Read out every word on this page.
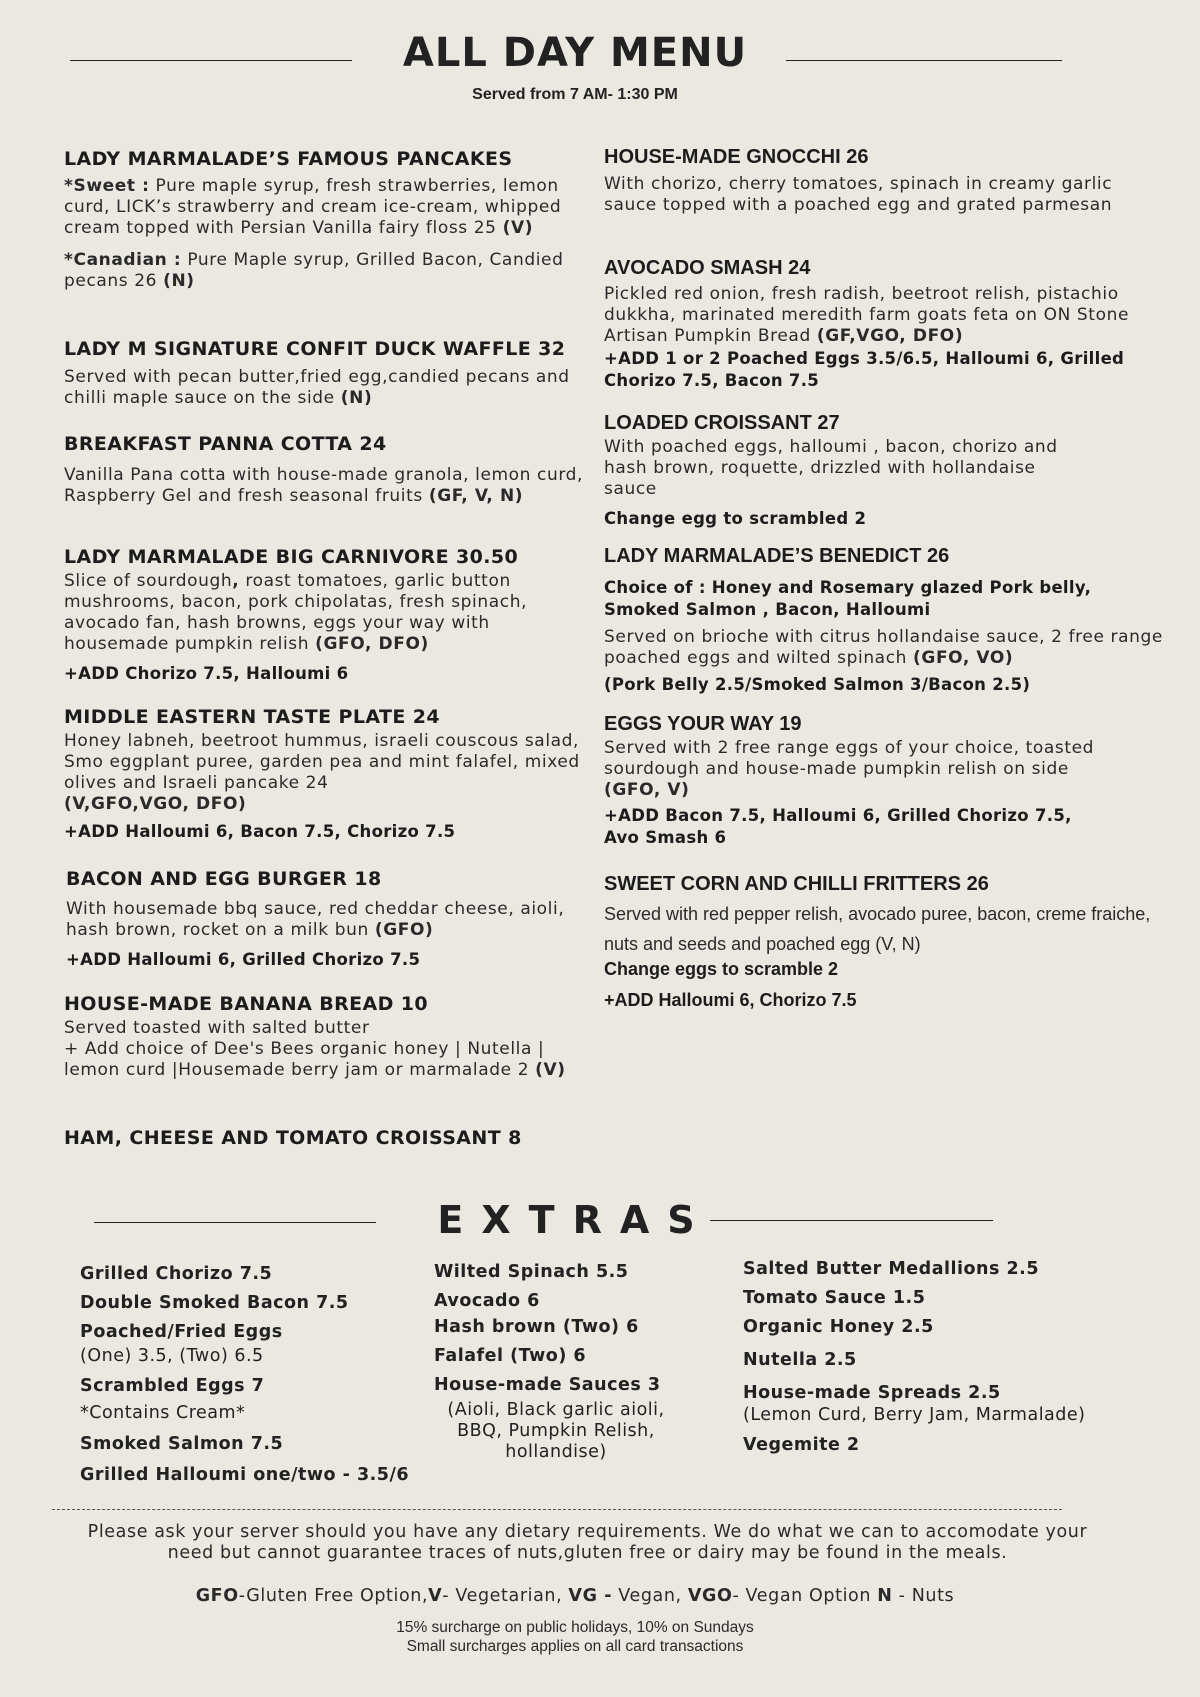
ALL DAY MENU
Served from 7 AM- 1:30 PM
LADY MARMALADE’S FAMOUS PANCAKES
*Sweet : Pure maple syrup, fresh strawberries, lemon curd, LICK’s strawberry and cream ice-cream, whipped cream topped with Persian Vanilla fairy floss 25 (V)
*Canadian : Pure Maple syrup, Grilled Bacon, Candied pecans 26 (N)
LADY M SIGNATURE CONFIT DUCK WAFFLE 32
Served with pecan butter,fried egg,candied pecans and chilli maple sauce on the side (N)
BREAKFAST PANNA COTTA 24
Vanilla Pana cotta with house-made granola, lemon curd, Raspberry Gel and fresh seasonal fruits (GF, V, N)
LADY MARMALADE BIG CARNIVORE 30.50
Slice of sourdough, roast tomatoes, garlic button mushrooms, bacon, pork chipolatas, fresh spinach, avocado fan, hash browns, eggs your way with housemade pumpkin relish (GFO, DFO)
+ADD Chorizo 7.5, Halloumi 6
MIDDLE EASTERN TASTE PLATE 24
Honey labneh, beetroot hummus, israeli couscous salad, Smo eggplant puree, garden pea and mint falafel, mixed olives and Israeli pancake 24
(V,GFO,VGO, DFO)
+ADD Halloumi 6, Bacon 7.5, Chorizo 7.5
BACON AND EGG BURGER 18
With housemade bbq sauce, red cheddar cheese, aioli, hash brown, rocket on a milk bun (GFO)
+ADD Halloumi 6, Grilled Chorizo 7.5
HOUSE-MADE BANANA BREAD 10
Served toasted with salted butter
+ Add choice of Dee's Bees organic honey | Nutella | lemon curd |Housemade berry jam or marmalade 2 (V)
HAM, CHEESE AND TOMATO CROISSANT 8
HOUSE-MADE GNOCCHI 26
With chorizo, cherry tomatoes, spinach in creamy garlic sauce topped with a poached egg and grated parmesan
AVOCADO SMASH 24
Pickled red onion, fresh radish, beetroot relish, pistachio dukkha, marinated meredith farm goats feta on ON Stone Artisan Pumpkin Bread (GF,VGO, DFO)
+ADD 1 or 2 Poached Eggs 3.5/6.5, Halloumi 6, Grilled Chorizo 7.5, Bacon 7.5
LOADED CROISSANT 27
With poached eggs, halloumi , bacon, chorizo and hash brown, roquette, drizzled with hollandaise sauce
Change egg to scrambled 2
LADY MARMALADE’S BENEDICT 26
Choice of : Honey and Rosemary glazed Pork belly, Smoked Salmon , Bacon, Halloumi
Served on brioche with citrus hollandaise sauce, 2 free range poached eggs and wilted spinach (GFO, VO)
(Pork Belly 2.5/Smoked Salmon 3/Bacon 2.5)
EGGS YOUR WAY 19
Served with 2 free range eggs of your choice, toasted sourdough and house-made pumpkin relish on side
(GFO, V)
+ADD Bacon 7.5, Halloumi 6, Grilled Chorizo 7.5, Avo Smash 6
SWEET CORN AND CHILLI FRITTERS 26
Served with red pepper relish, avocado puree, bacon, creme fraiche, nuts and seeds and poached egg (V, N)
Change eggs to scramble 2
+ADD Halloumi 6, Chorizo 7.5
EXTRAS
Grilled Chorizo 7.5
Double Smoked Bacon 7.5
Poached/Fried Eggs
(One) 3.5, (Two) 6.5
Scrambled Eggs 7
*Contains Cream*
Smoked Salmon 7.5
Grilled Halloumi one/two - 3.5/6
Wilted Spinach 5.5
Avocado 6
Hash brown (Two) 6
Falafel (Two) 6
House-made Sauces 3
(Aioli, Black garlic aioli,
BBQ, Pumpkin Relish,
hollandise)
Salted Butter Medallions 2.5
Tomato Sauce 1.5
Organic Honey 2.5
Nutella 2.5
House-made Spreads 2.5
(Lemon Curd, Berry Jam, Marmalade)
Vegemite 2
Please ask your server should you have any dietary requirements. We do what we can to accomodate your need but cannot guarantee traces of nuts,gluten free or dairy may be found in the meals.
GFO-Gluten Free Option,V- Vegetarian, VG - Vegan, VGO- Vegan Option N - Nuts
15% surcharge on public holidays, 10% on Sundays
Small surcharges applies on all card transactions
